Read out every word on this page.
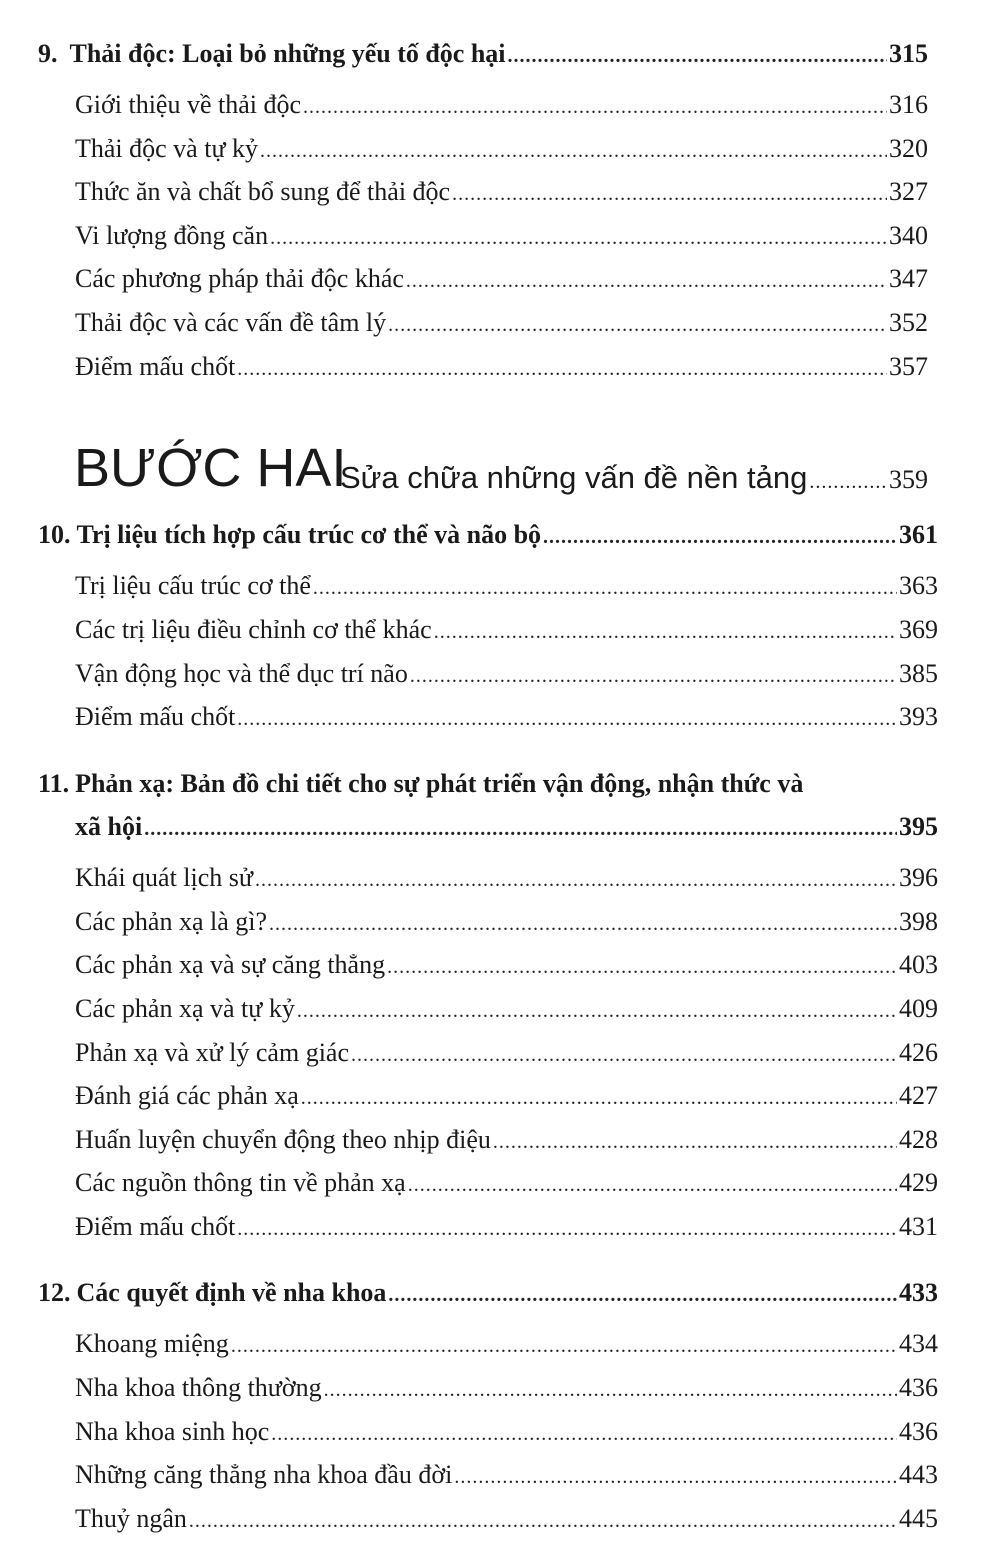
9. Thải độc: Loại bỏ những yếu tố độc hại .....	315
Giới thiệu về thải độc .....	316
Thải độc và tự kỷ .....	320
Thức ăn và chất bổ sung để thải độc .....	327
Vi lượng đồng căn .....	340
Các phương pháp thải độc khác .....	347
Thải độc và các vấn đề tâm lý .....	352
Điểm mấu chốt .....	357
BƯỚC HAI
Sửa chữa những vấn đề nền tảng .....	359
10. Trị liệu tích hợp cấu trúc cơ thể và não bộ .....	361
Trị liệu cấu trúc cơ thể .....	363
Các trị liệu điều chỉnh cơ thể khác .....	369
Vận động học và thể dục trí não .....	385
Điểm mấu chốt .....	393
11. Phản xạ: Bản đồ chi tiết cho sự phát triển vận động, nhận thức và
xã hội .....	395
Khái quát lịch sử .....	396
Các phản xạ là gì? .....	398
Các phản xạ và sự căng thẳng .....	403
Các phản xạ và tự kỷ .....	409
Phản xạ và xử lý cảm giác .....	426
Đánh giá các phản xạ .....	427
Huấn luyện chuyển động theo nhịp điệu .....	428
Các nguồn thông tin về phản xạ .....	429
Điểm mấu chốt .....	431
12. Các quyết định về nha khoa .....	433
Khoang miệng .....	434
Nha khoa thông thường .....	436
Nha khoa sinh học .....	436
Những căng thẳng nha khoa đầu đời .....	443
Thuỷ ngân .....	445
